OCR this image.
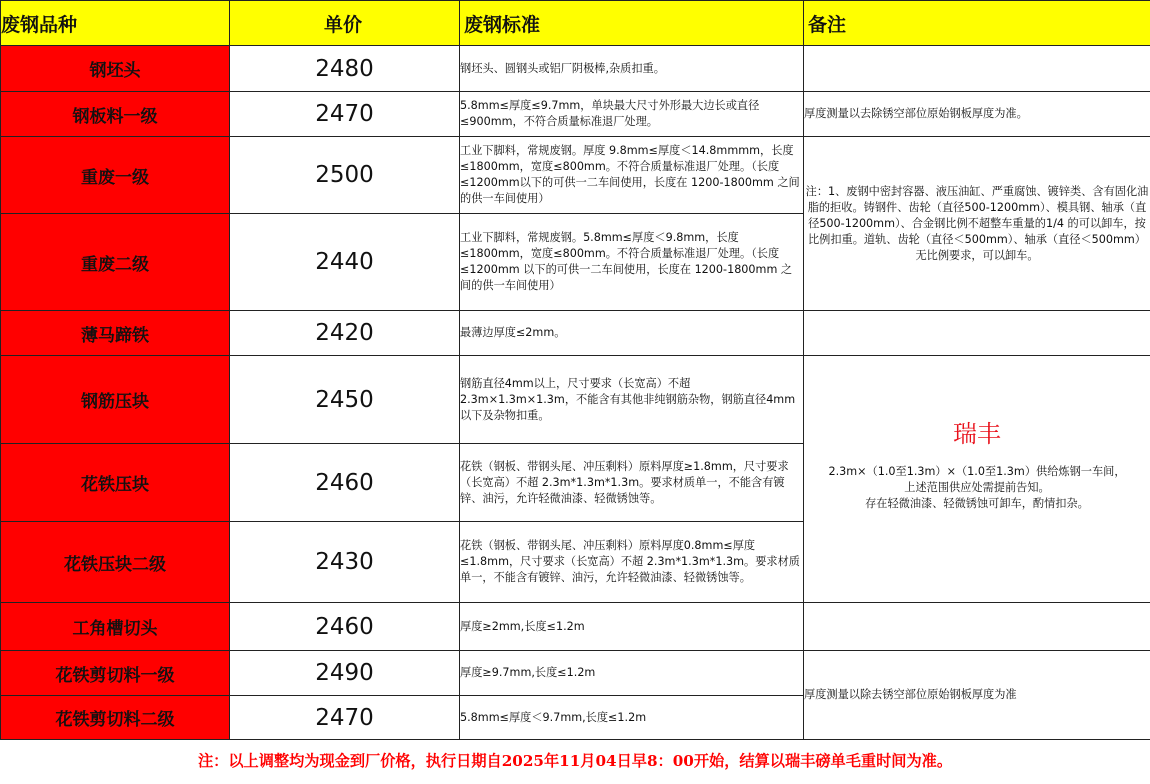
废钢品种	单价	废钢标准	备注
钢坯头	2480	钢坯头、圆钢头或铝厂阴极棒,杂质扣重。	
钢板料一级	2470	5.8mm≤厚度≤9.7mm，单块最大尺寸外形最大边长或直径≤900mm，不符合质量标准退厂处理。	厚度测量以去除锈空部位原始钢板厚度为准。
重废一级	2500	工业下脚料，常规废钢。厚度 9.8mm≤厚度＜14.8mmmm，长度≤1800mm，宽度≤800mm。不符合质量标准退厂处理。（长度≤1200mm以下的可供一二车间使用，长度在 1200-1800mm 之间的供一车间使用）	注：1、废钢中密封容器、液压油缸、严重腐蚀、镀锌类、含有固化油脂的拒收。铸钢件、齿轮（直径500-1200mm）、模具钢、轴承（直径500-1200mm）、合金钢比例不超整车重量的1/4 的可以卸车，按比例扣重。道轨、齿轮（直径＜500mm）、轴承（直径＜500mm）无比例要求，可以卸车。
重废二级	2440	工业下脚料，常规废钢。5.8mm≤厚度＜9.8mm，长度≤1800mm，宽度≤800mm。不符合质量标准退厂处理。（长度≤1200mm 以下的可供一二车间使用，长度在 1200-1800mm 之间的供一车间使用）	
薄马蹄铁	2420	最薄边厚度≤2mm。	
钢筋压块	2450	钢筋直径4mm以上，尺寸要求（长宽高）不超2.3m×1.3m×1.3m，不能含有其他非纯钢筋杂物，钢筋直径4mm以下及杂物扣重。	瑞丰
2.3m×（1.0至1.3m）×（1.0至1.3m）供给炼钢一车间，
上述范围供应处需提前告知。
存在轻微油漆、轻微锈蚀可卸车，酌情扣杂。

花铁压块	2460	花铁（钢板、带钢头尾、冲压剩料）原料厚度≥1.8mm，尺寸要求（长宽高）不超 2.3m*1.3m*1.3m。要求材质单一，不能含有镀锌、油污，允许轻微油漆、轻微锈蚀等。	
花铁压块二级	2430	花铁（钢板、带钢头尾、冲压剩料）原料厚度0.8mm≤厚度≤1.8mm，尺寸要求（长宽高）不超 2.3m*1.3m*1.3m。要求材质单一，不能含有镀锌、油污，允许轻微油漆、轻微锈蚀等。	
工角槽切头	2460	厚度≥2mm,长度≤1.2m	
花铁剪切料一级	2490	厚度≥9.7mm,长度≤1.2m	厚度测量以除去锈空部位原始钢板厚度为准
花铁剪切料二级	2470	5.8mm≤厚度＜9.7mm,长度≤1.2m	
注：以上调整均为现金到厂价格，执行日期自2025年11月04日早8：00开始，结算以瑞丰磅单毛重时间为准。
